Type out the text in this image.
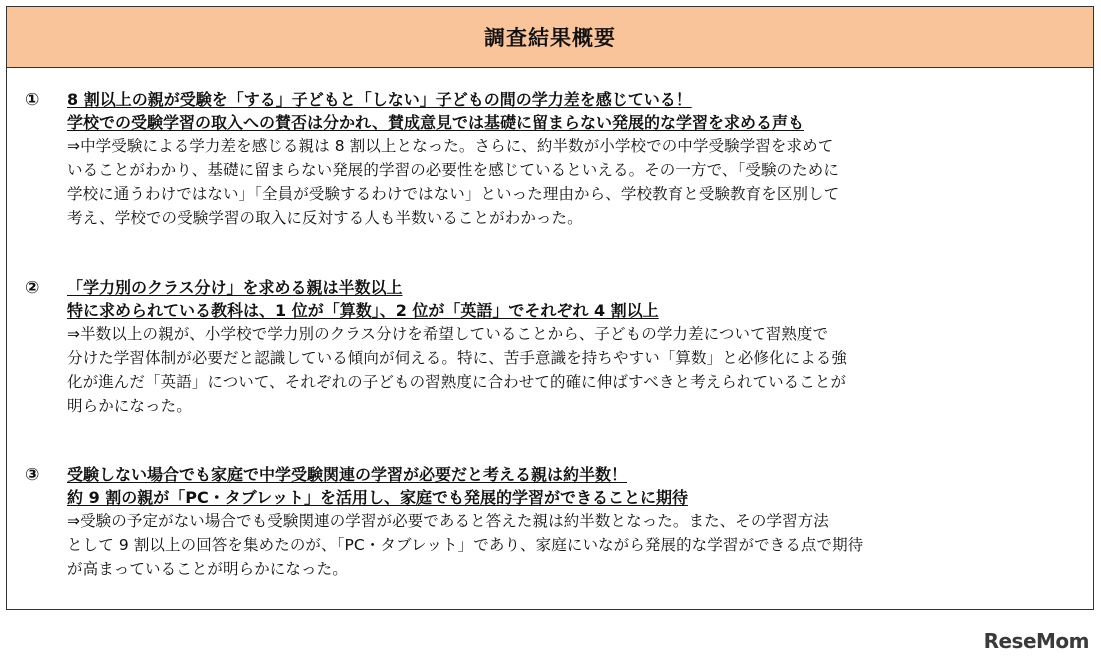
調査結果概要
① 8 割以上の親が受験を「する」子どもと「しない」子どもの間の学力差を感じている！
学校での受験学習の取入への賛否は分かれ、賛成意見では基礎に留まらない発展的な学習を求める声も
⇒中学受験による学力差を感じる親は 8 割以上となった。さらに、約半数が小学校での中学受験学習を求めて
いることがわかり、基礎に留まらない発展的学習の必要性を感じているといえる。その一方で、「受験のために
学校に通うわけではない」「全員が受験するわけではない」といった理由から、学校教育と受験教育を区別して
考え、学校での受験学習の取入に反対する人も半数いることがわかった。
② 「学力別のクラス分け」を求める親は半数以上
特に求められている教科は、1 位が「算数」、2 位が「英語」でそれぞれ 4 割以上
⇒半数以上の親が、小学校で学力別のクラス分けを希望していることから、子どもの学力差について習熟度で
分けた学習体制が必要だと認識している傾向が伺える。特に、苦手意識を持ちやすい「算数」と必修化による強
化が進んだ「英語」について、それぞれの子どもの習熟度に合わせて的確に伸ばすべきと考えられていることが
明らかになった。
③ 受験しない場合でも家庭で中学受験関連の学習が必要だと考える親は約半数！
約 9 割の親が「PC・タブレット」を活用し、家庭でも発展的学習ができることに期待
⇒受験の予定がない場合でも受験関連の学習が必要であると答えた親は約半数となった。また、その学習方法
として 9 割以上の回答を集めたのが、「PC・タブレット」であり、家庭にいながら発展的な学習ができる点で期待
が高まっていることが明らかになった。
ReseMom
